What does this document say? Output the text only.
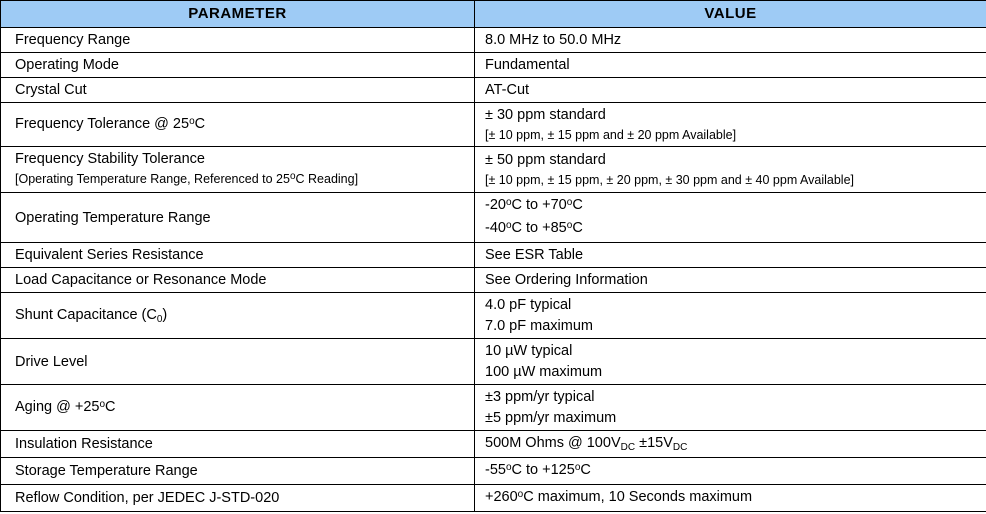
PARAMETER	VALUE

Frequency Range	8.0 MHz to 50.0 MHz

Operating Mode	Fundamental

Crystal Cut	AT-Cut

Frequency Tolerance @ $25^oC$	± 30 ppm standard
[± 10 ppm, ± 15 ppm and ± 20 ppm Available]

Frequency Stability Tolerance
[Operating Temperature Range, Referenced to 25$^o$C Reading]	± 50 ppm standard
[± 10 ppm, ± 15 ppm, ± 20 ppm, ± 30 ppm and ± 40 ppm Available]

Operating Temperature Range	-20$^o$C to $+70^oC$
-40$^o$C to $+85^oC$

Equivalent Series Resistance	See ESR Table

Load Capacitance or Resonance Mode	See Ordering Information

Shunt Capacitance $(C_0)$	4.0 pF typical
7.0 pF maximum

Drive Level	10 µW typical
100 µW maximum

Aging @ $+25^oC$	±3 ppm/yr typical
±5 ppm/yr maximum

Insulation Resistance	500M Ohms @ $100V_{DC} \pm 15V_{DC}$

Storage Temperature Range	-55$^o$C to $+125^oC$

Reflow Condition, per JEDEC J-STD-020	$+260^oC$ maximum, 10 Seconds maximum
